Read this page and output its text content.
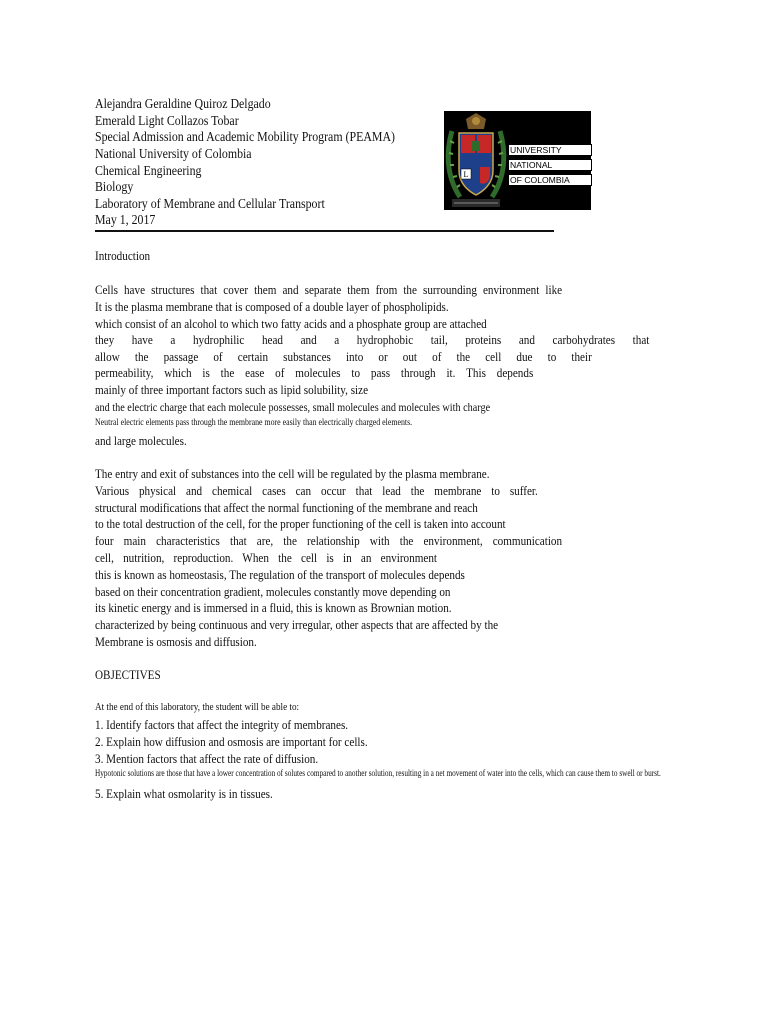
Alejandra Geraldine Quiroz Delgado
Emerald Light Collazos Tobar
Special Admission and Academic Mobility Program (PEAMA)
National University of Colombia
Chemical Engineering
Biology
Laboratory of Membrane and Cellular Transport
May 1, 2017
L
UNIVERSITY
NATIONAL
OF COLOMBIA
Introduction
Cells have structures that cover them and separate them from the surrounding environment like
It is the plasma membrane that is composed of a double layer of phospholipids.
which consist of an alcohol to which two fatty acids and a phosphate group are attached
they have a hydrophilic head and a hydrophobic tail, proteins and carbohydrates that
allow the passage of certain substances into or out of the cell due to their
permeability, which is the ease of molecules to pass through it. This depends
mainly of three important factors such as lipid solubility, size
and the electric charge that each molecule possesses, small molecules and molecules with charge
Neutral electric elements pass through the membrane more easily than electrically charged elements.
and large molecules.
The entry and exit of substances into the cell will be regulated by the plasma membrane.
Various physical and chemical cases can occur that lead the membrane to suffer.
structural modifications that affect the normal functioning of the membrane and reach
to the total destruction of the cell, for the proper functioning of the cell is taken into account
four main characteristics that are, the relationship with the environment, communication
cell, nutrition, reproduction. When the cell is in an environment
this is known as homeostasis, The regulation of the transport of molecules depends
based on their concentration gradient, molecules constantly move depending on
its kinetic energy and is immersed in a fluid, this is known as Brownian motion.
characterized by being continuous and very irregular, other aspects that are affected by the
Membrane is osmosis and diffusion.
OBJECTIVES
At the end of this laboratory, the student will be able to:
1. Identify factors that affect the integrity of membranes.
2. Explain how diffusion and osmosis are important for cells.
3. Mention factors that affect the rate of diffusion.
Hypotonic solutions are those that have a lower concentration of solutes compared to another solution, resulting in a net movement of water into the cells, which can cause them to swell or burst.
5. Explain what osmolarity is in tissues.
